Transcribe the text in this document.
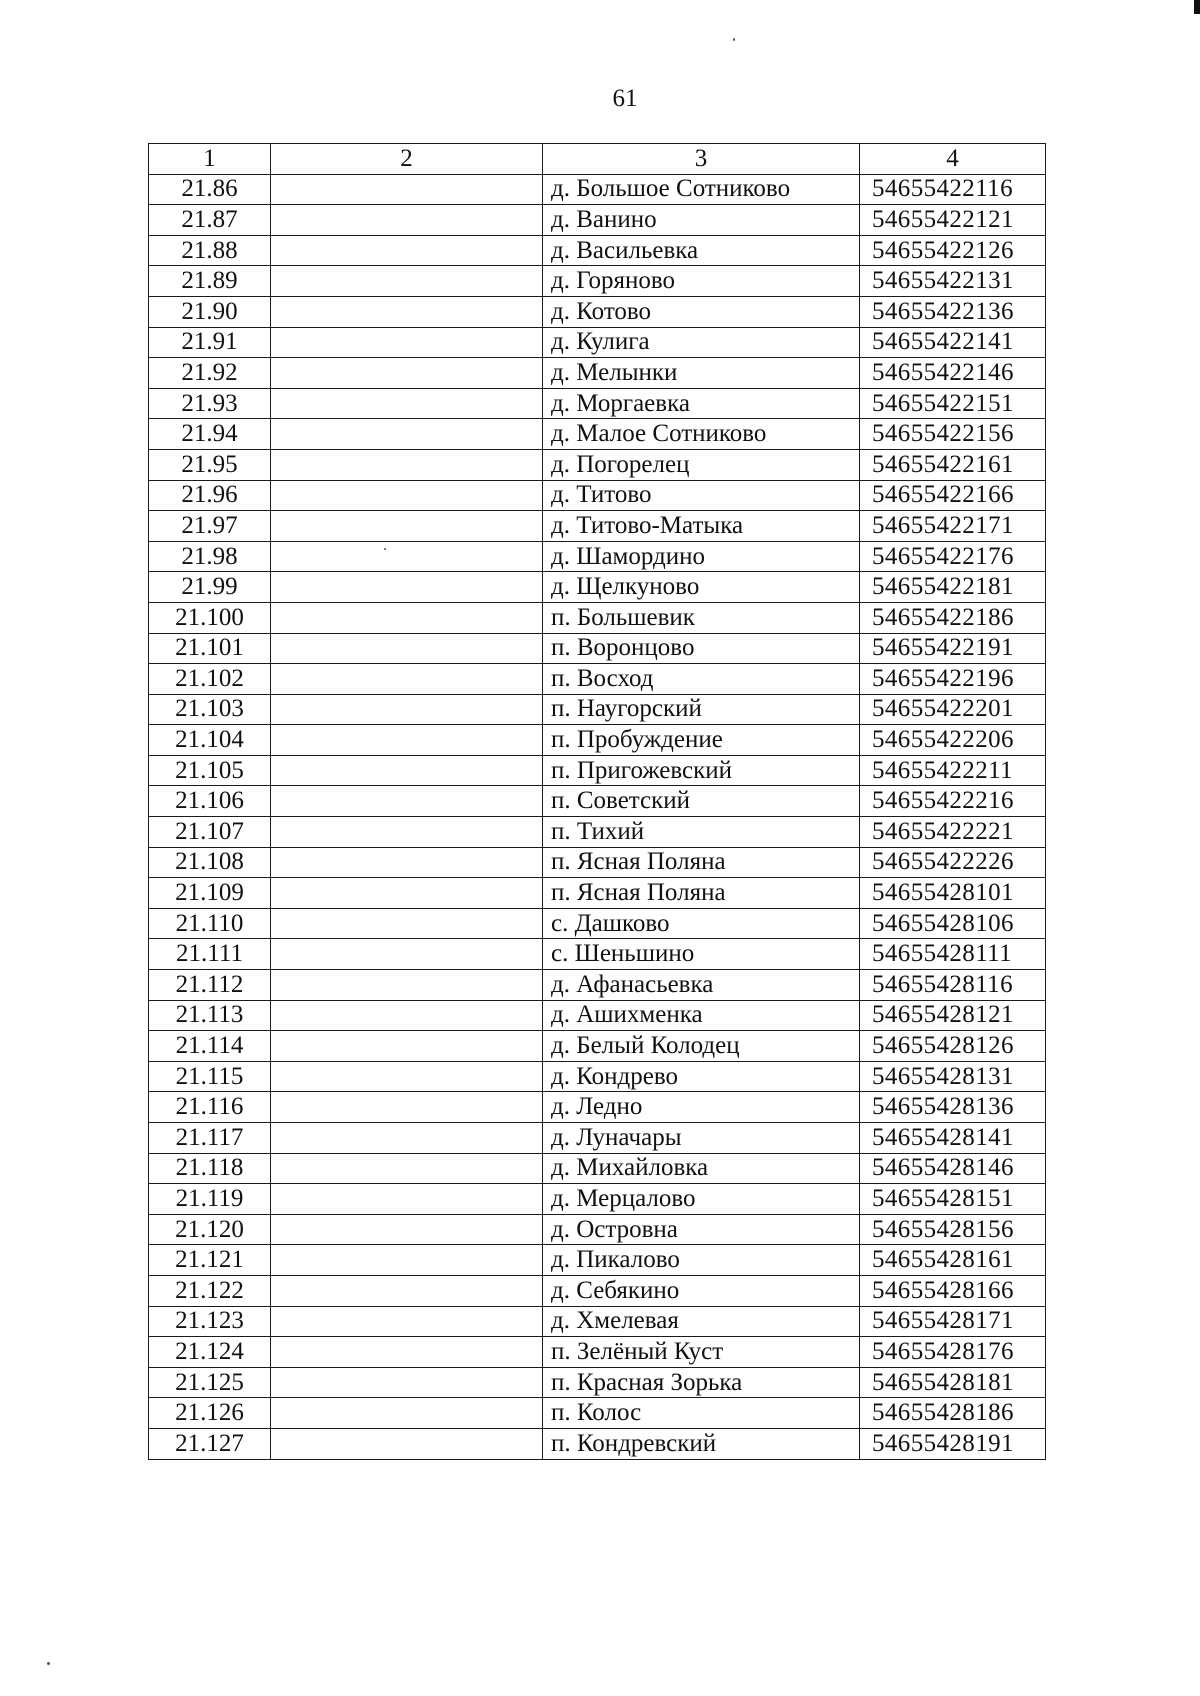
61
1	2	3	4
21.86		д. Большое Сотниково	54655422116
21.87		д. Ванино	54655422121
21.88		д. Васильевка	54655422126
21.89		д. Горяново	54655422131
21.90		д. Котово	54655422136
21.91		д. Кулига	54655422141
21.92		д. Мелынки	54655422146
21.93		д. Моргаевка	54655422151
21.94		д. Малое Сотниково	54655422156
21.95		д. Погорелец	54655422161
21.96		д. Титово	54655422166
21.97		д. Титово-Матыка	54655422171
21.98		д. Шамордино	54655422176
21.99		д. Щелкуново	54655422181
21.100		п. Большевик	54655422186
21.101		п. Воронцово	54655422191
21.102		п. Восход	54655422196
21.103		п. Наугорский	54655422201
21.104		п. Пробуждение	54655422206
21.105		п. Пригожевский	54655422211
21.106		п. Советский	54655422216
21.107		п. Тихий	54655422221
21.108		п. Ясная Поляна	54655422226
21.109		п. Ясная Поляна	54655428101
21.110		с. Дашково	54655428106
21.111		с. Шеньшино	54655428111
21.112		д. Афанасьевка	54655428116
21.113		д. Ашихменка	54655428121
21.114		д. Белый Колодец	54655428126
21.115		д. Кондрево	54655428131
21.116		д. Ледно	54655428136
21.117		д. Луначары	54655428141
21.118		д. Михайловка	54655428146
21.119		д. Мерцалово	54655428151
21.120		д. Островна	54655428156
21.121		д. Пикалово	54655428161
21.122		д. Себякино	54655428166
21.123		д. Хмелевая	54655428171
21.124		п. Зелёный Куст	54655428176
21.125		п. Красная Зорька	54655428181
21.126		п. Колос	54655428186
21.127		п. Кондревский	54655428191
